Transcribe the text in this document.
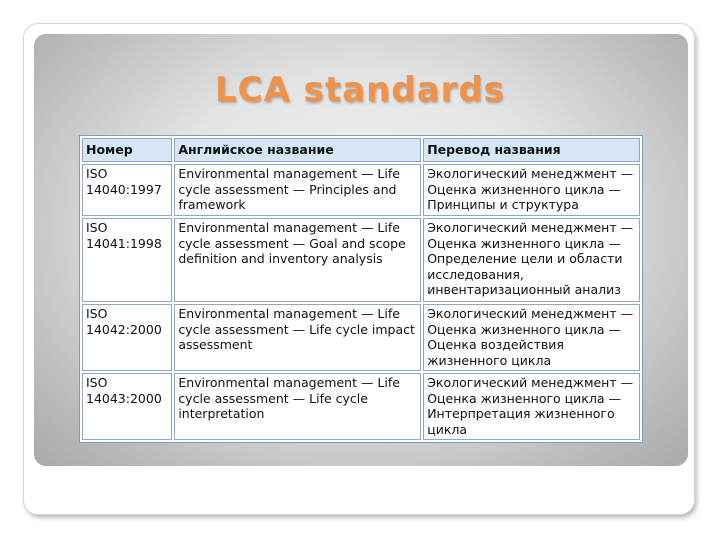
LCA standards
Номер	Английское название	Перевод названия
ISO 14040:1997	Environmental management — Life cycle assessment — Principles and framework	Экологический менеджмент — Оценка жизненного цикла — Принципы и структура
ISO 14041:1998	Environmental management — Life cycle assessment — Goal and scope definition and inventory analysis	Экологический менеджмент — Оценка жизненного цикла — Определение цели и области исследования, инвентаризационный анализ
ISO 14042:2000	Environmental management — Life cycle assessment — Life cycle impact assessment	Экологический менеджмент — Оценка жизненного цикла — Оценка воздействия жизненного цикла
ISO 14043:2000	Environmental management — Life cycle assessment — Life cycle interpretation	Экологический менеджмент — Оценка жизненного цикла — Интерпретация жизненного цикла
